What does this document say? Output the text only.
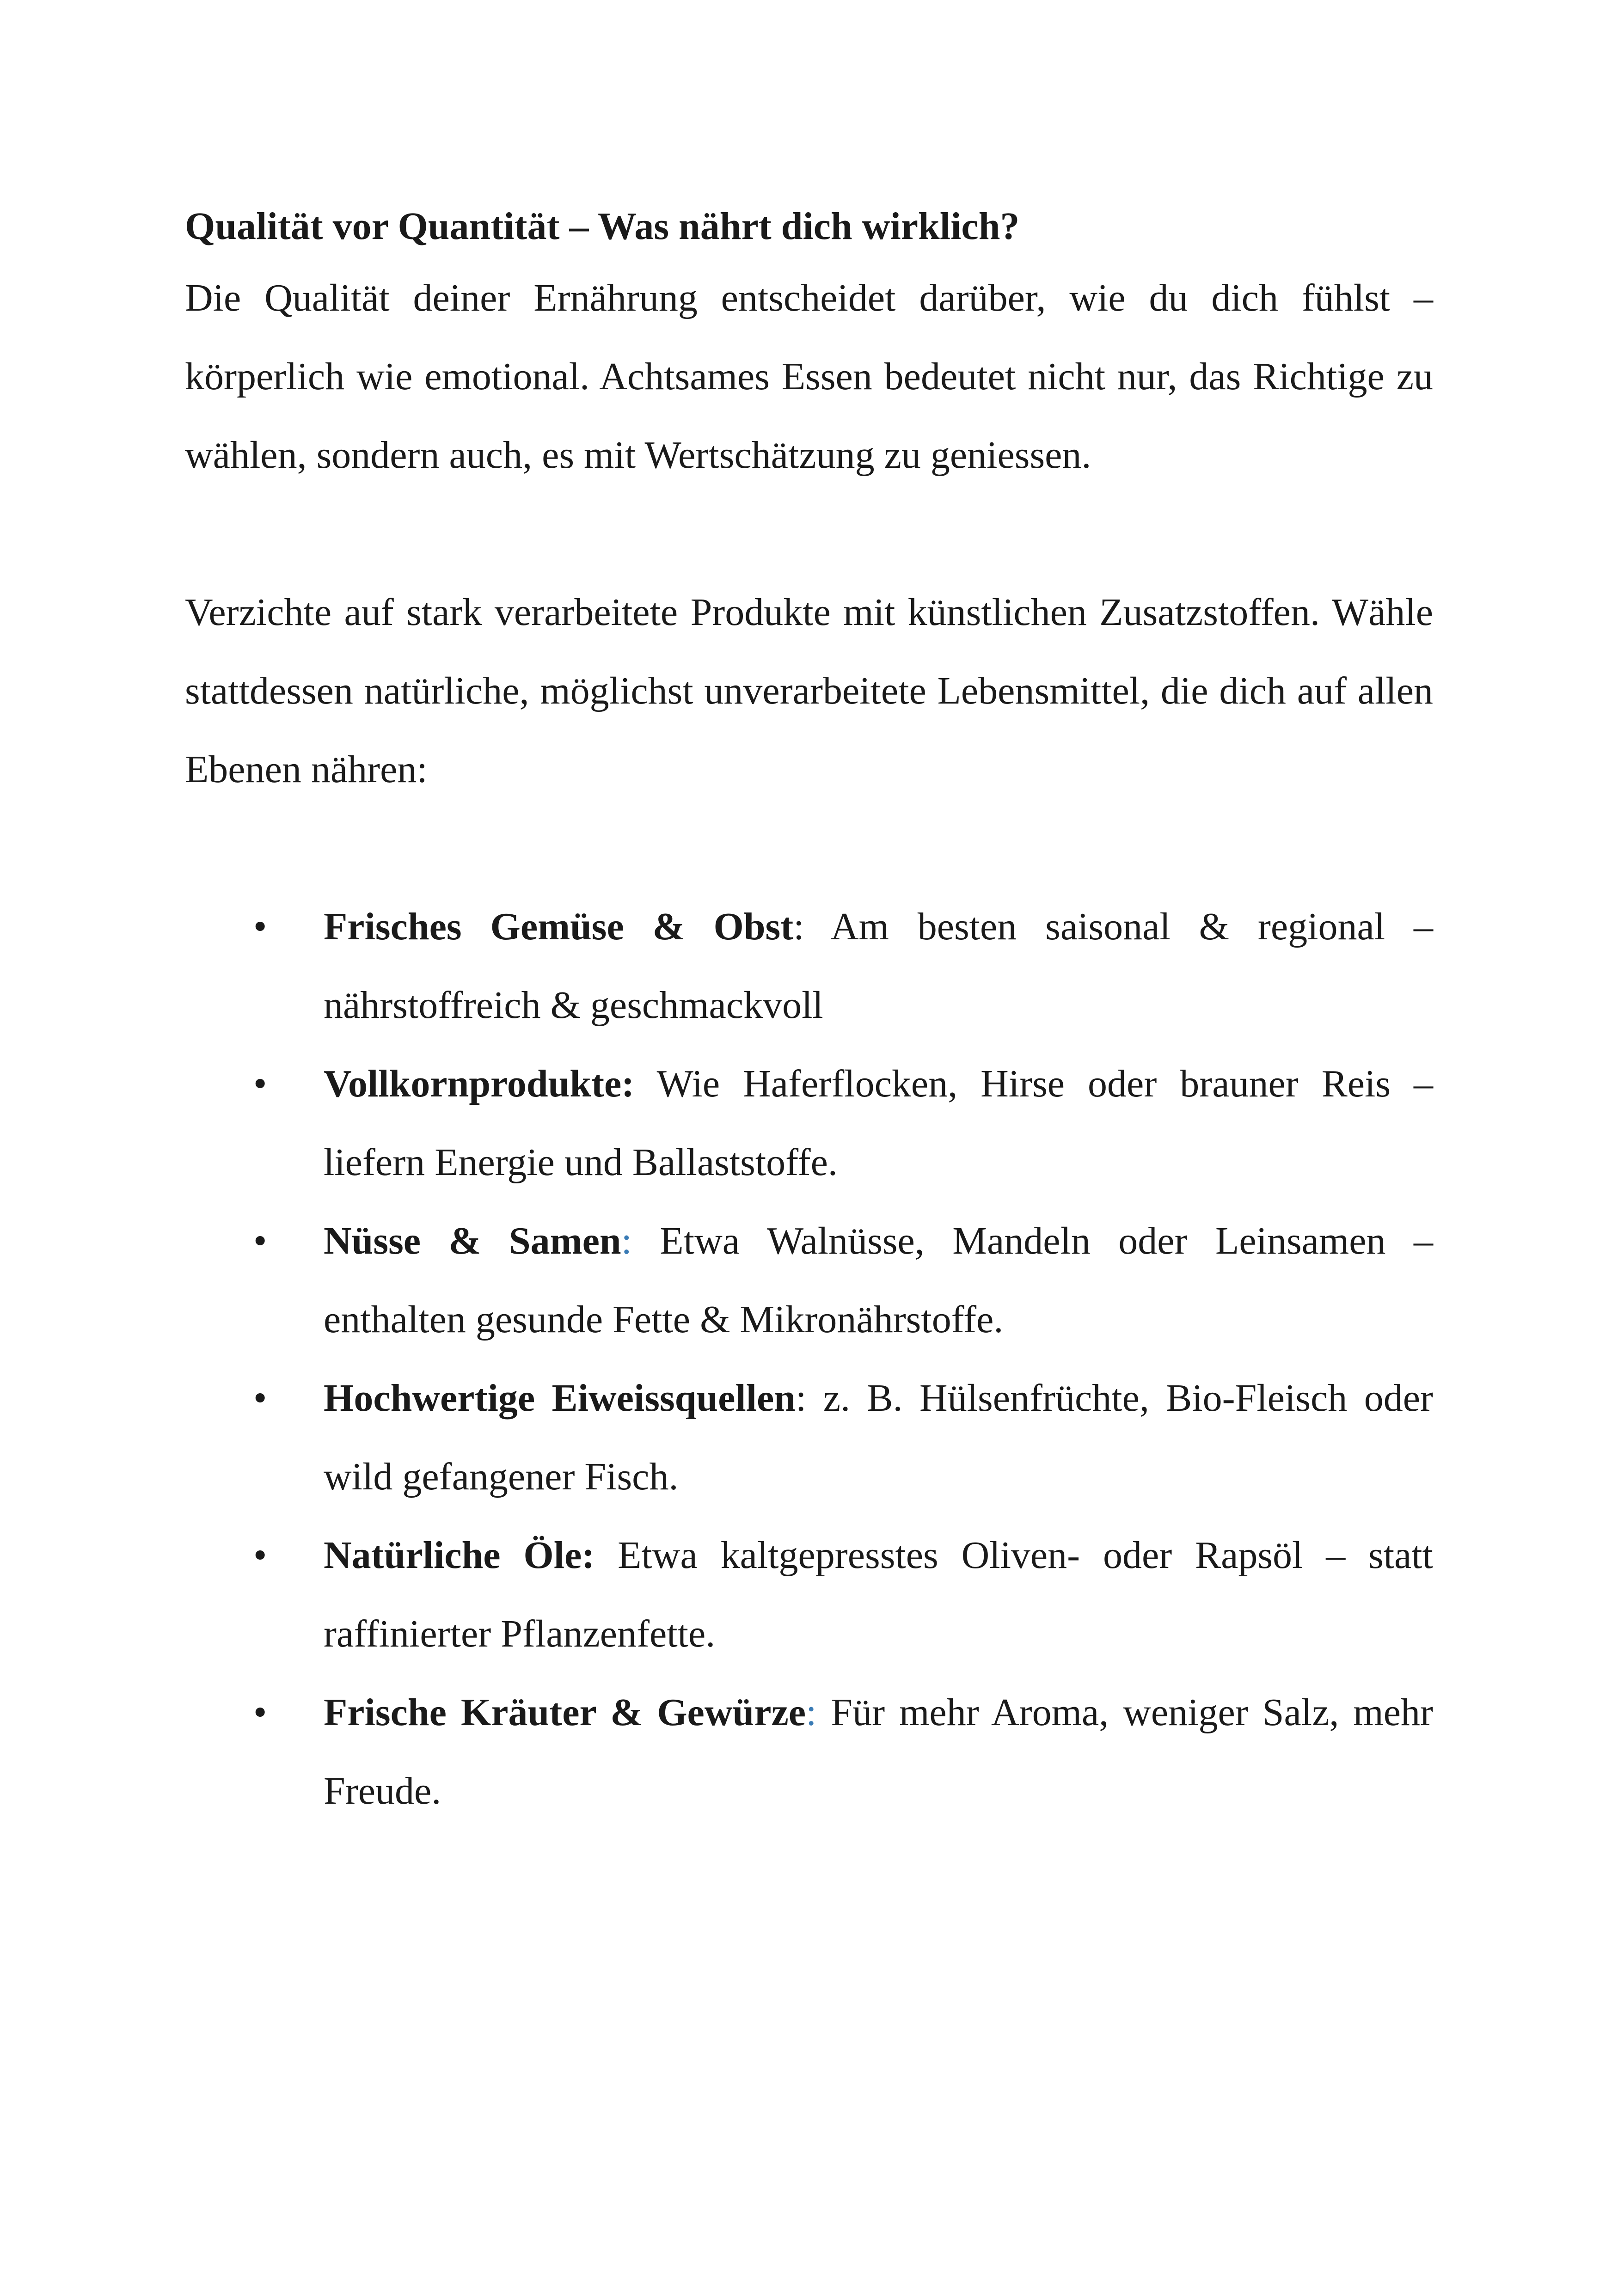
Qualität vor Quantität – Was nährt dich wirklich?

Die Qualität deiner Ernährung entscheidet darüber, wie du dich fühlst – körperlich wie emotional. Achtsames Essen bedeutet nicht nur, das Richtige zu wählen, sondern auch, es mit Wertschätzung zu geniessen.

Verzichte auf stark verarbeitete Produkte mit künstlichen Zusatzstoffen. Wähle stattdessen natürliche, möglichst unverarbeitete Lebensmittel, die dich auf allen Ebenen nähren:

• Frisches Gemüse & Obst: Am besten saisonal & regional – nährstoffreich & geschmackvoll
• Vollkornprodukte: Wie Haferflocken, Hirse oder brauner Reis – liefern Energie und Ballaststoffe.
• Nüsse & Samen: Etwa Walnüsse, Mandeln oder Leinsamen – enthalten gesunde Fette & Mikronährstoffe.
• Hochwertige Eiweissquellen: z. B. Hülsenfrüchte, Bio-Fleisch oder wild gefangener Fisch.
• Natürliche Öle: Etwa kaltgepresstes Oliven- oder Rapsöl – statt raffinierter Pflanzenfette.
• Frische Kräuter & Gewürze: Für mehr Aroma, weniger Salz, mehr Freude.
